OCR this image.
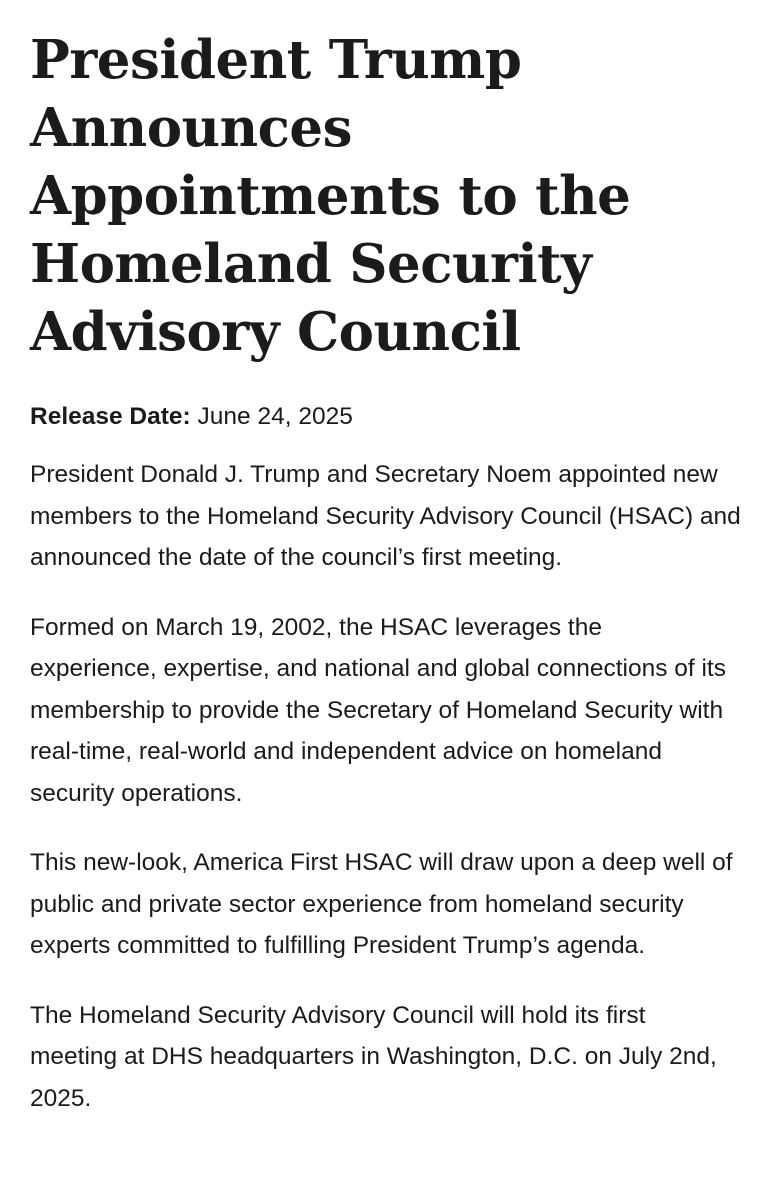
President Trump Announces Appointments to the Homeland Security Advisory Council

Release Date: June 24, 2025

President Donald J. Trump and Secretary Noem appointed new members to the Homeland Security Advisory Council (HSAC) and announced the date of the council’s first meeting.

Formed on March 19, 2002, the HSAC leverages the experience, expertise, and national and global connections of its membership to provide the Secretary of Homeland Security with real-time, real-world and independent advice on homeland security operations.

This new-look, America First HSAC will draw upon a deep well of public and private sector experience from homeland security experts committed to fulfilling President Trump’s agenda.

The Homeland Security Advisory Council will hold its first meeting at DHS headquarters in Washington, D.C. on July 2nd, 2025.
